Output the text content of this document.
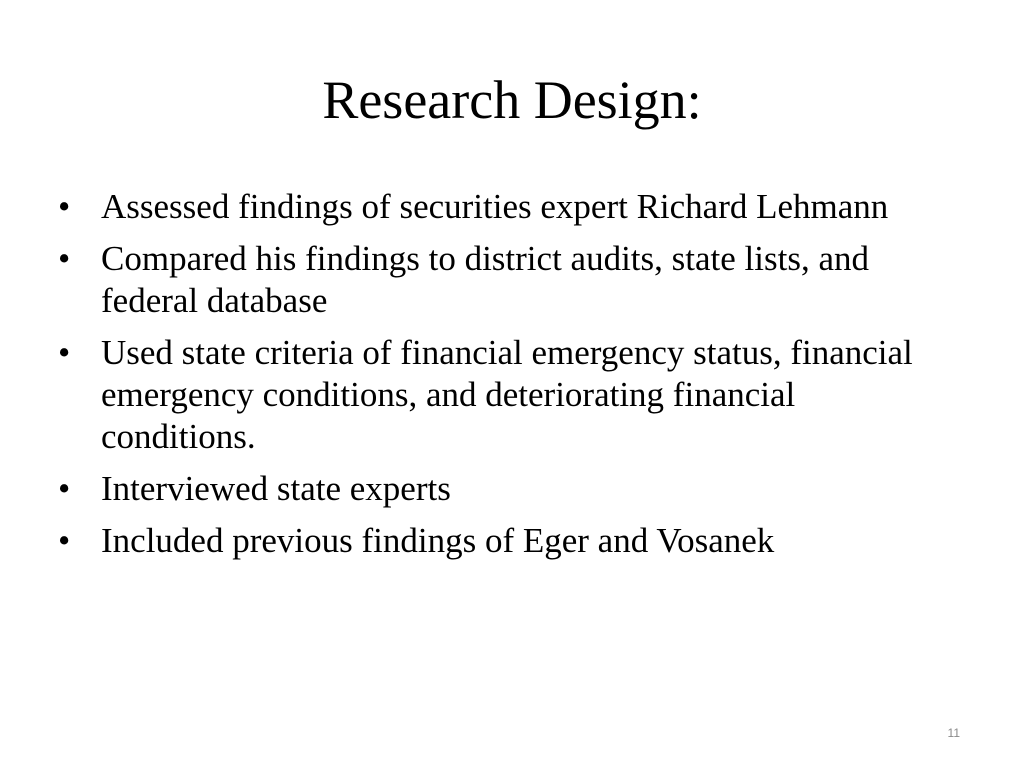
Research Design:
• Assessed findings of securities expert Richard Lehmann
• Compared his findings to district audits, state lists, and federal database
• Used state criteria of financial emergency status, financial emergency conditions, and deteriorating financial conditions.
• Interviewed state experts
• Included previous findings of Eger and Vosanek
11
